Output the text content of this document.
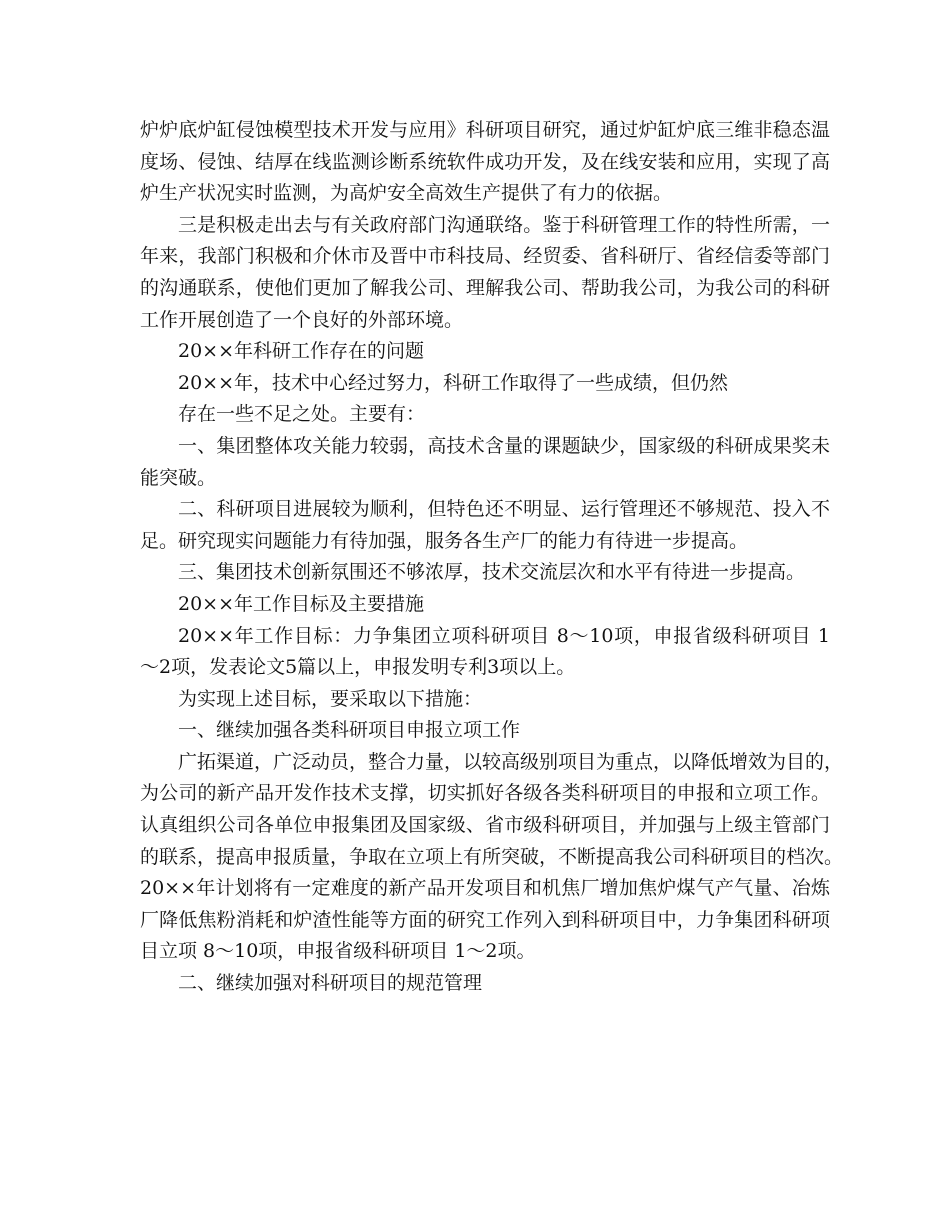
炉炉底炉缸侵蚀模型技术开发与应用》科研项目研究，通过炉缸炉底三维非稳态温
度场、侵蚀、结厚在线监测诊断系统软件成功开发，及在线安装和应用，实现了高
炉生产状况实时监测，为高炉安全高效生产提供了有力的依据。
三是积极走出去与有关政府部门沟通联络。鉴于科研管理工作的特性所需，一
年来，我部门积极和介休市及晋中市科技局、经贸委、省科研厅、省经信委等部门
的沟通联系，使他们更加了解我公司、理解我公司、帮助我公司，为我公司的科研
工作开展创造了一个良好的外部环境。
20××年科研工作存在的问题
20××年，技术中心经过努力，科研工作取得了一些成绩，但仍然
存在一些不足之处。主要有：
一、集团整体攻关能力较弱，高技术含量的课题缺少，国家级的科研成果奖未
能突破。
二、科研项目进展较为顺利，但特色还不明显、运行管理还不够规范、投入不
足。研究现实问题能力有待加强，服务各生产厂的能力有待进一步提高。
三、集团技术创新氛围还不够浓厚，技术交流层次和水平有待进一步提高。
20××年工作目标及主要措施
20××年工作目标：力争集团立项科研项目 8～10项，申报省级科研项目 1
～2项，发表论文5篇以上，申报发明专利3项以上。
为实现上述目标，要采取以下措施：
一、继续加强各类科研项目申报立项工作
广拓渠道，广泛动员，整合力量，以较高级别项目为重点，以降低增效为目的，
为公司的新产品开发作技术支撑，切实抓好各级各类科研项目的申报和立项工作。
认真组织公司各单位申报集团及国家级、省市级科研项目，并加强与上级主管部门
的联系，提高申报质量，争取在立项上有所突破，不断提高我公司科研项目的档次。
20××年计划将有一定难度的新产品开发项目和机焦厂增加焦炉煤气产气量、冶炼
厂降低焦粉消耗和炉渣性能等方面的研究工作列入到科研项目中，力争集团科研项
目立项 8～10项，申报省级科研项目 1～2项。
二、继续加强对科研项目的规范管理
